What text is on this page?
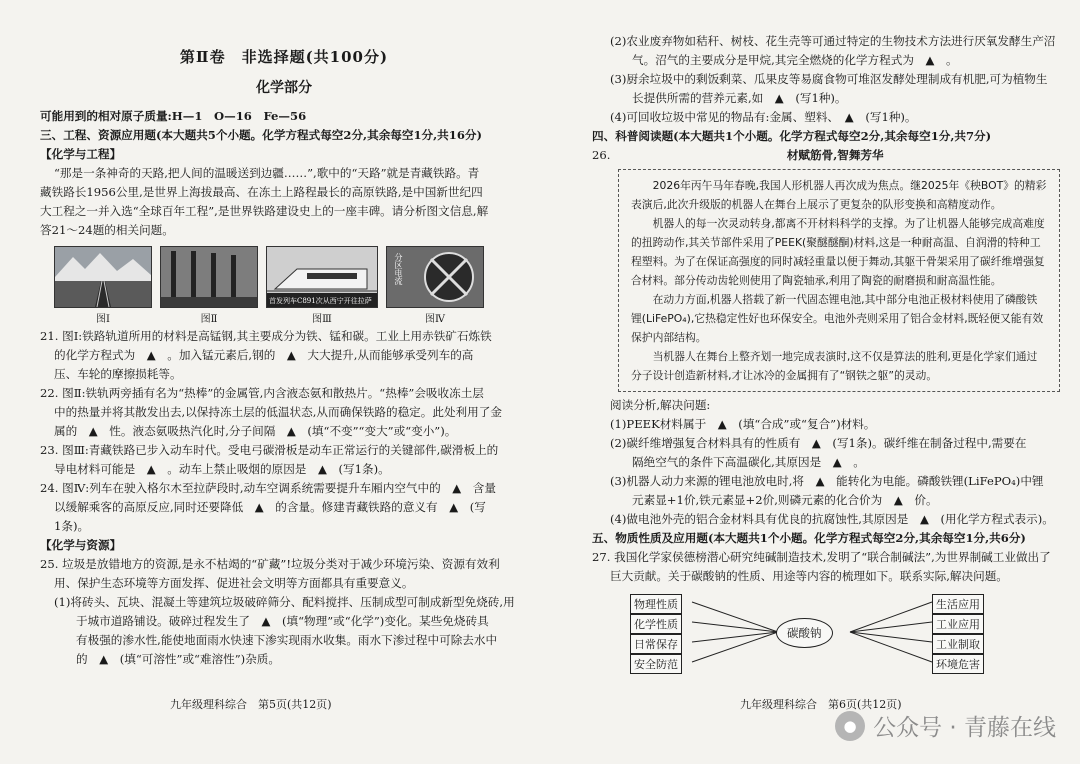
第Ⅱ卷　非选择题(共100分)
化学部分

可能用到的相对原子质量:H—1　O—16　Fe—56

三、工程、资源应用题(本大题共5个小题。化学方程式每空2分,其余每空1分,共16分)

【化学与工程】

“那是一条神奇的天路,把人间的温暖送到边疆……”,歌中的“天路”就是青藏铁路。青

藏铁路长1956公里,是世界上海拔最高、在冻土上路程最长的高原铁路,是中国新世纪四

大工程之一并入选“全球百年工程”,是世界铁路建设史上的一座丰碑。请分析图文信息,解

答21～24题的相关问题。

图Ⅰ	图Ⅱ
首发列车C891次从西宁开往拉萨
图Ⅲ
分区电流
图Ⅳ

21. 图Ⅰ:铁路轨道所用的材料是高锰钢,其主要成分为铁、锰和碳。工业上用赤铁矿石炼铁

的化学方程式为　▲　。加入锰元素后,钢的　▲　大大提升,从而能够承受列车的高

压、车轮的摩擦损耗等。

22. 图Ⅱ:铁轨两旁插有名为“热棒”的金属管,内含液态氨和散热片。“热棒”会吸收冻土层

中的热量并将其散发出去,以保持冻土层的低温状态,从而确保铁路的稳定。此处利用了金

属的　▲　性。液态氨吸热汽化时,分子间隔　▲　(填“不变”“变大”或“变小”)。

23. 图Ⅲ:青藏铁路已步入动车时代。受电弓碳滑板是动车正常运行的关键部件,碳滑板上的

导电材料可能是　▲　。动车上禁止吸烟的原因是　▲　(写1条)。

24. 图Ⅳ:列车在驶入格尔木至拉萨段时,动车空调系统需要提升车厢内空气中的　▲　含量

以缓解乘客的高原反应,同时还要降低　▲　的含量。修建青藏铁路的意义有　▲　(写

1条)。

【化学与资源】

25. 垃圾是放错地方的资源,是永不枯竭的“矿藏”!垃圾分类对于减少环境污染、资源有效利

用、保护生态环境等方面发挥、促进社会文明等方面都具有重要意义。

(1)将砖头、瓦块、混凝土等建筑垃圾破碎筛分、配料搅拌、压制成型可制成新型免烧砖,用

于城市道路铺设。破碎过程发生了　▲　(填“物理”或“化学”)变化。某些免烧砖具

有极强的渗水性,能使地面雨水快速下渗实现雨水收集。雨水下渗过程中可除去水中

的　▲　(填“可溶性”或“难溶性”)杂质。

九年级理科综合　第5页(共12页)

(2)农业废弃物如秸秆、树枝、花生壳等可通过特定的生物技术方法进行厌氧发酵生产沼

气。沼气的主要成分是甲烷,其完全燃烧的化学方程式为　▲　。

(3)厨余垃圾中的剩饭剩菜、瓜果皮等易腐食物可堆沤发酵处理制成有机肥,可为植物生

长提供所需的营养元素,如　▲　(写1种)。

(4)可回收垃圾中常见的物品有:金属、塑料、　▲　(写1种)。

四、科普阅读题(本大题共1个小题。化学方程式每空2分,其余每空1分,共7分)

26.	材赋筋骨,智舞芳华

2026年丙午马年春晚,我国人形机器人再次成为焦点。继2025年《秧BOT》的精彩表演后,此次升级版的机器人在舞台上展示了更复杂的队形变换和高精度动作。

机器人的每一次灵动转身,都离不开材料科学的支撑。为了让机器人能够完成高难度的扭跨动作,其关节部件采用了PEEK(聚醚醚酮)材料,这是一种耐高温、自润滑的特种工程塑料。为了在保证高强度的同时减轻重量以便于舞动,其躯干骨架采用了碳纤维增强复合材料。部分传动齿轮则使用了陶瓷轴承,利用了陶瓷的耐磨损和耐高温性能。

在动力方面,机器人搭载了新一代固态锂电池,其中部分电池正极材料使用了磷酸铁锂(LiFePO₄),它热稳定性好也环保安全。电池外壳则采用了铝合金材料,既轻便又能有效保护内部结构。

当机器人在舞台上整齐划一地完成表演时,这不仅是算法的胜利,更是化学家们通过分子设计创造新材料,才让冰冷的金属拥有了“钢铁之躯”的灵动。

阅读分析,解决问题:

(1)PEEK材料属于　▲　(填“合成”或“复合”)材料。

(2)碳纤维增强复合材料具有的性质有　▲　(写1条)。碳纤维在制备过程中,需要在

隔绝空气的条件下高温碳化,其原因是　▲　。

(3)机器人动力来源的锂电池放电时,将　▲　能转化为电能。磷酸铁锂(LiFePO₄)中锂

元素显+1价,铁元素显+2价,则磷元素的化合价为　▲　价。

(4)做电池外壳的铝合金材料具有优良的抗腐蚀性,其原因是　▲　(用化学方程式表示)。

五、物质性质及应用题(本大题共1个小题。化学方程式每空2分,其余每空1分,共6分)

27. 我国化学家侯德榜潜心研究纯碱制造技术,发明了“联合制碱法”,为世界制碱工业做出了

巨大贡献。关于碳酸钠的性质、用途等内容的梳理如下。联系实际,解决问题。

物理性质
化学性质
日常保存
安全防范
碳酸钠
生活应用
工业应用
工业制取
环境危害
九年级理科综合　第6页(共12页)
● 公众号 · 青藤在线
